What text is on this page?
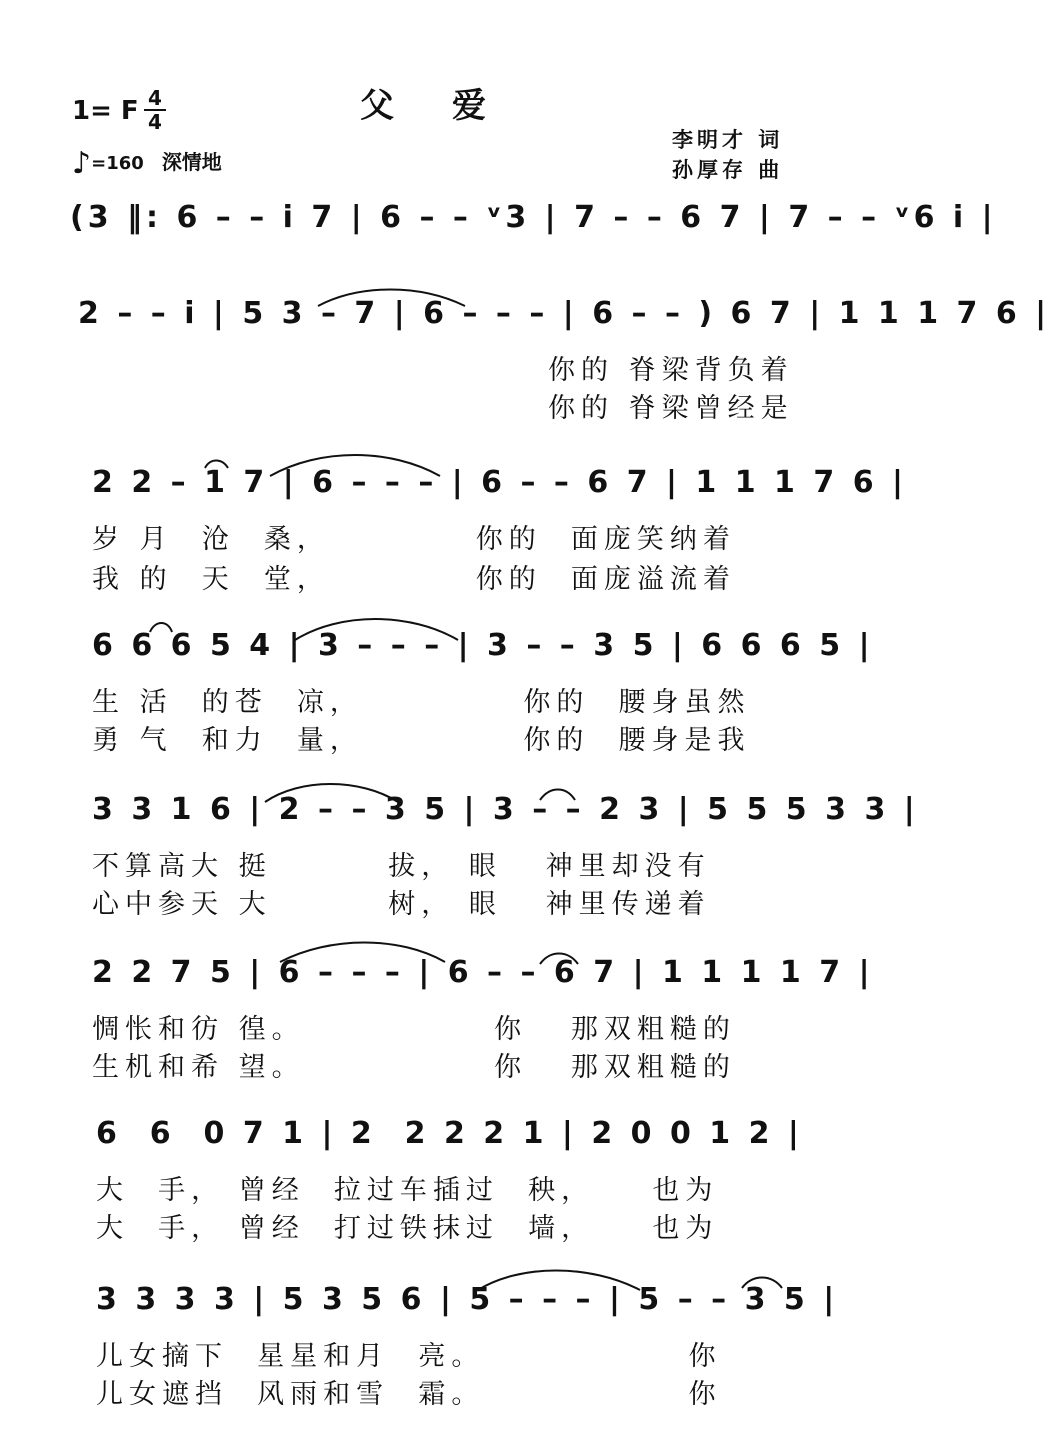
1= F 4
4	父爱
♪=160 深情地
李明才 词
孙厚存 曲
(3 ‖: 6 – – i 7 | 6 – – ᵛ3 | 7 – – 6 7 | 7 – – ᵛ6 i |
2 – – i | 5 3 – 7 | 6 – – – | 6 – – ) 6 7 | 1 1 1 7 6 |
你的 脊梁背负着
你的 脊梁曾经是
2 2 – 1 7 | 6 – – – | 6 – – 6 7 | 1 1 1 7 6 |
岁 月  沧  桑，          你的  面庞笑纳着
我 的  天  堂，          你的  面庞溢流着
6 6 6 5 4 | 3 – – – | 3 – – 3 5 | 6 6 6 5 |
生 活  的苍  凉，           你的  腰身虽然
勇 气  和力  量，           你的  腰身是我
3 3 1 6 | 2 – – 3 5 | 3 – – 2 3 | 5 5 5 3 3 |
不算高大 挺        拔， 眼   神里却没有
心中参天 大        树， 眼   神里传递着
2 2 7 5 | 6 – – – | 6 – – 6 7 | 1 1 1 1 7 |
惆怅和彷 徨。             你   那双粗糙的
生机和希 望。             你   那双粗糙的
6  6  0 7 1 | 2  2 2 2 1 | 2 0 0 1 2 |
大  手， 曾经  拉过车插过  秧，    也为
大  手， 曾经  打过铁抹过  墙，    也为
3 3 3 3 | 5 3 5 6 | 5 – – – | 5 – – 3 5 |
儿女摘下  星星和月  亮。              你
儿女遮挡  风雨和雪  霜。              你
